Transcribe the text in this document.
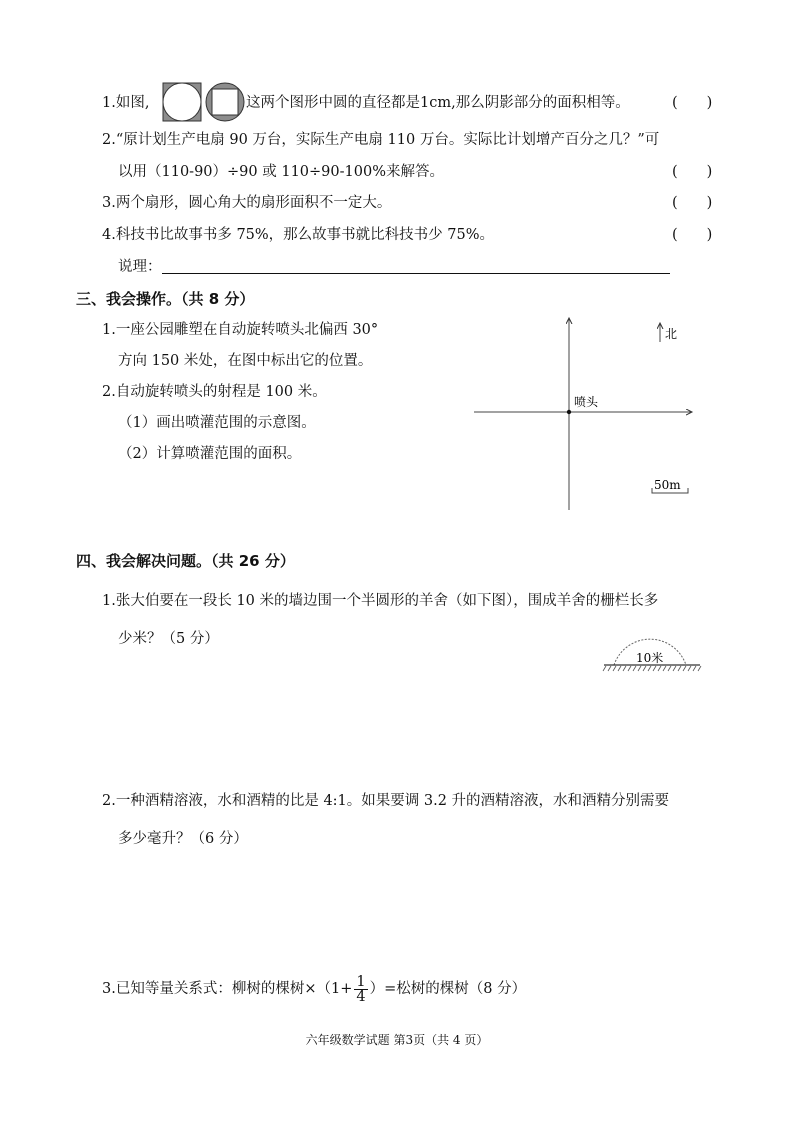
1.如图,	这两个图形中圆的直径都是1cm,那么阴影部分的面积相等。	(　　)
2.“原计划生产电扇 90 万台，实际生产电扇 110 万台。实际比计划增产百分之几？”可
以用（110-90）÷90 或 110÷90-100%来解答。	(　　)
3.两个扇形，圆心角大的扇形面积不一定大。	(　　)
4.科技书比故事书多 75%，那么故事书就比科技书少 75%。	(　　)
说理：
三、我会操作。（共 8 分）
1.一座公园雕塑在自动旋转喷头北偏西 30°
方向 150 米处，在图中标出它的位置。
2.自动旋转喷头的射程是 100 米。
（1）画出喷灌范围的示意图。
（2）计算喷灌范围的面积。
喷头
北
50m
四、我会解决问题。（共 26 分）
1.张大伯要在一段长 10 米的墙边围一个半圆形的羊舍（如下图），围成羊舍的栅栏长多
少米？（5 分）
10米
2.一种酒精溶液，水和酒精的比是 4:1。如果要调 3.2 升的酒精溶液，水和酒精分别需要
多少毫升？（6 分）
3.已知等量关系式：柳树的棵树$\times(1+ \frac{1}{4}$ ）=松树的棵树（8 分）
六年级数学试题 第3页（共 4 页）
